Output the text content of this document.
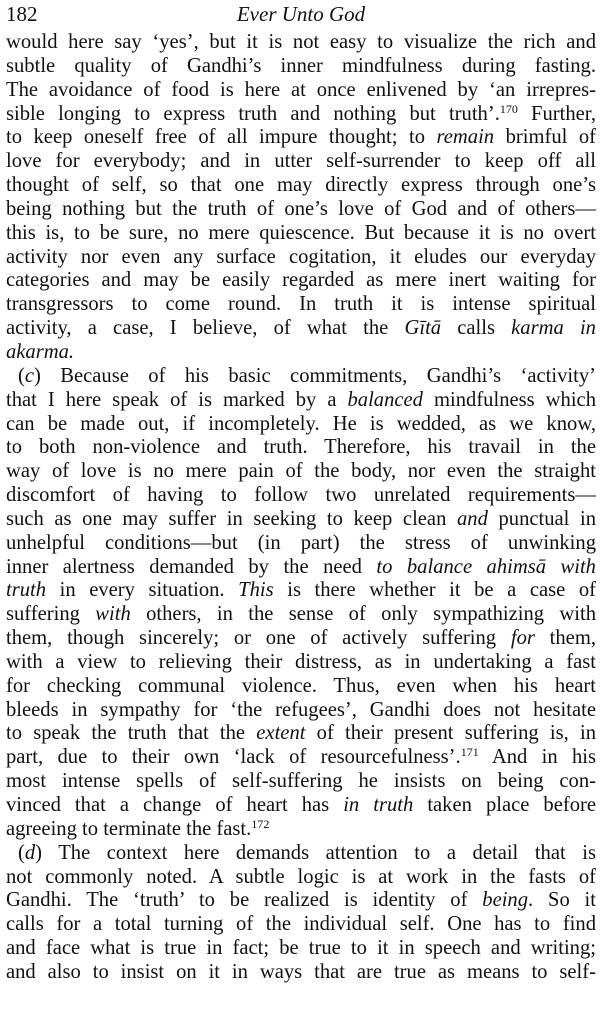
182	Ever Unto God
would here say ‘yes’, but it is not easy to visualize the rich and
subtle quality of Gandhi’s inner mindfulness during fasting.
The avoidance of food is here at once enlivened by ‘an irrepres-
sible longing to express truth and nothing but truth’.$^{170}$ Further,
to keep oneself free of all impure thought; to remain brimful of
love for everybody; and in utter self-surrender to keep off all
thought of self, so that one may directly express through one’s
being nothing but the truth of one’s love of God and of others—
this is, to be sure, no mere quiescence. But because it is no overt
activity nor even any surface cogitation, it eludes our everyday
categories and may be easily regarded as mere inert waiting for
transgressors to come round. In truth it is intense spiritual
activity, a case, I believe, of what the Gītā calls karma in
akarma.
(c) Because of his basic commitments, Gandhi’s ‘activity’
that I here speak of is marked by a balanced mindfulness which
can be made out, if incompletely. He is wedded, as we know,
to both non-violence and truth. Therefore, his travail in the
way of love is no mere pain of the body, nor even the straight
discomfort of having to follow two unrelated requirements—
such as one may suffer in seeking to keep clean and punctual in
unhelpful conditions—but (in part) the stress of unwinking
inner alertness demanded by the need to balance ahimsā with
truth in every situation. This is there whether it be a case of
suffering with others, in the sense of only sympathizing with
them, though sincerely; or one of actively suffering for them,
with a view to relieving their distress, as in undertaking a fast
for checking communal violence. Thus, even when his heart
bleeds in sympathy for ‘the refugees’, Gandhi does not hesitate
to speak the truth that the extent of their present suffering is, in
part, due to their own ‘lack of resourcefulness’.$^{171}$ And in his
most intense spells of self-suffering he insists on being con-
vinced that a change of heart has in truth taken place before
agreeing to terminate the fast.$^{172}$
(d) The context here demands attention to a detail that is
not commonly noted. A subtle logic is at work in the fasts of
Gandhi. The ‘truth’ to be realized is identity of being. So it
calls for a total turning of the individual self. One has to find
and face what is true in fact; be true to it in speech and writing;
and also to insist on it in ways that are true as means to self-
